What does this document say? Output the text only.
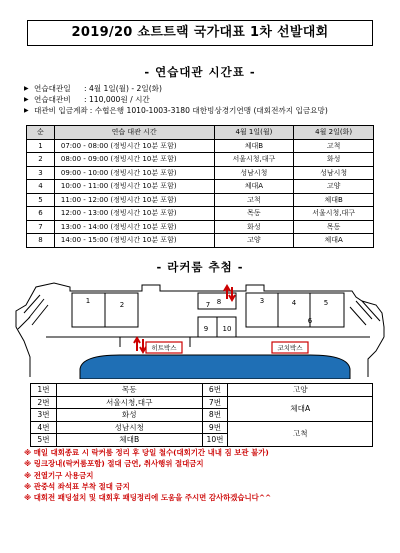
2019/20 쇼트트랙 국가대표 1차 선발대회
- 연습대관 시간표 -
▶ 연습대관일	: 4월 1일(월) - 2일(화)
▶ 연습대관비	: 110,000원 / 시간
▶ 대관비 입금계좌 : 수협은행 1010-1003-3180 대한빙상경기연맹 (대회전까지 입금요망)
순	연습 대관 시간	4월 1일(월)	4월 2일(화)
1	07:00 - 08:00 (정빙시간 10분 포함)	체대B	고척
2	08:00 - 09:00 (정빙시간 10분 포함)	서울시청,대구	화성
3	09:00 - 10:00 (정빙시간 10분 포함)	성남시청	성남시청
4	10:00 - 11:00 (정빙시간 10분 포함)	체대A	고양
5	11:00 - 12:00 (정빙시간 10분 포함)	고척	체대B
6	12:00 - 13:00 (정빙시간 10분 포함)	목동	서울시청,대구
7	13:00 - 14:00 (정빙시간 10분 포함)	화성	목동
8	14:00 - 15:00 (정빙시간 10분 포함)	고양	체대A
- 라커룸 추첨 -
1	2	3	4	5
6
7 8
9 10
히트박스	코치박스
1번	목동	6번	고양
2번	서울시청,대구	7번	체대A
3번	화성	8번	
4번	성남시청	9번	고척
5번	체대B	10번	
※ 매일 대회종료 시 락커룸 정리 후 당일 철수(대회기간 내내 짐 보관 불가)
※ 링크장내(락커룸포함) 절대 금연, 취사행위 절대금지
※ 전열기구 사용금지
※ 관중석 좌석표 부착 절대 금지
※ 대회전 패딩설치 및 대회후 패딩정리에 도움을 주시면 감사하겠습니다^^
